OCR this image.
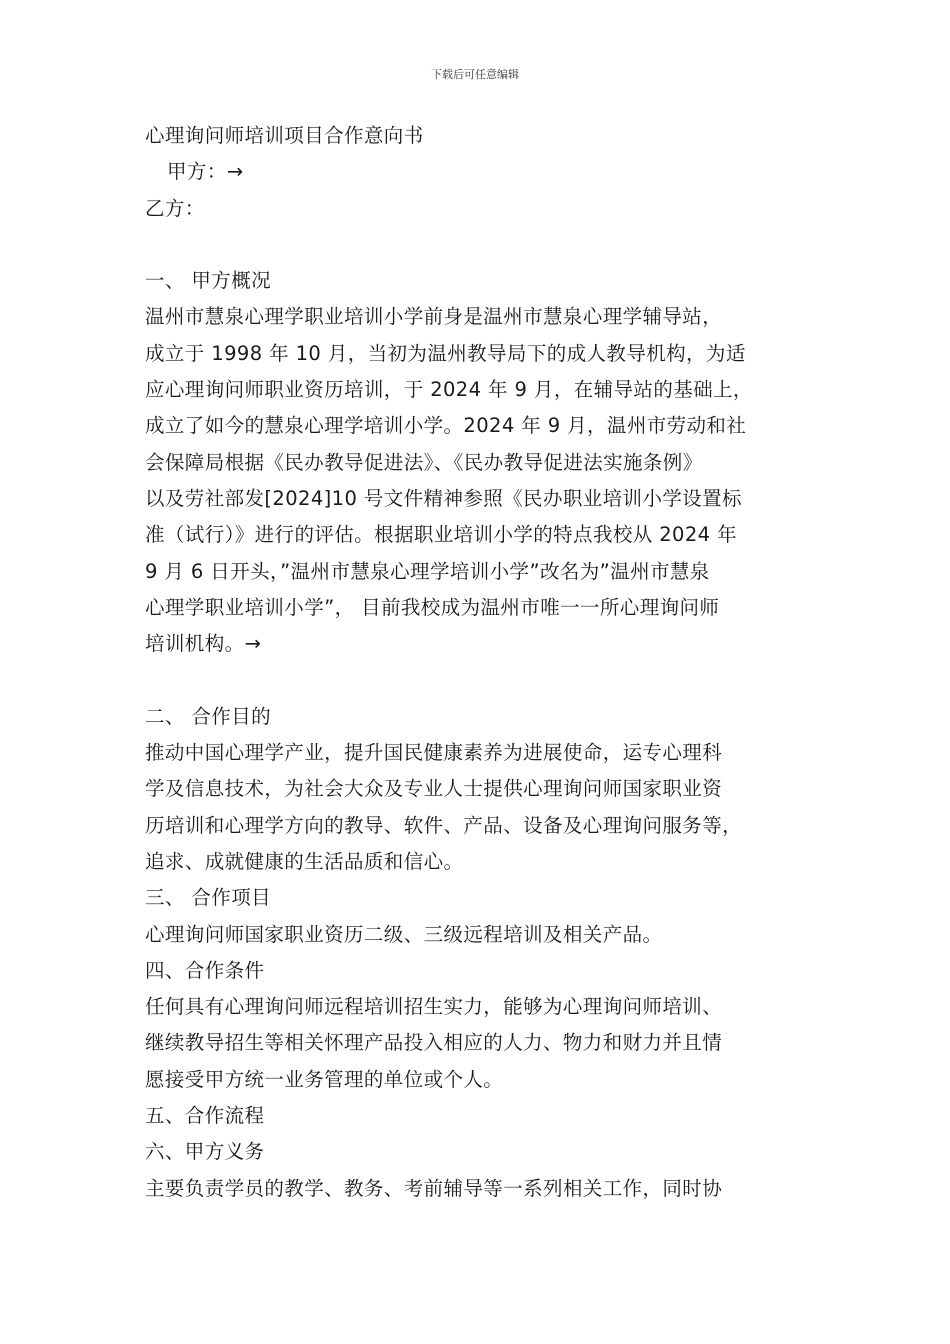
下载后可任意编辑
心理询问师培训项目合作意向书
甲方：→
乙方：
一、 甲方概况
温州市慧泉心理学职业培训小学前身是温州市慧泉心理学辅导站，
成立于 1998 年 10 月，当初为温州教导局下的成人教导机构，为适
应心理询问师职业资历培训，于 2024 年 9 月，在辅导站的基础上，
成立了如今的慧泉心理学培训小学。2024 年 9 月，温州市劳动和社
会保障局根据《民办教导促进法》、《民办教导促进法实施条例》
以及劳社部发[2024]10 号文件精神参照《民办职业培训小学设置标
准（试行）》进行的评估。根据职业培训小学的特点我校从 2024 年
9 月 6 日开头，”温州市慧泉心理学培训小学”改名为”温州市慧泉
心理学职业培训小学”， 目前我校成为温州市唯一一所心理询问师
培训机构。→
二、 合作目的
推动中国心理学产业，提升国民健康素养为进展使命，运专心理科
学及信息技术，为社会大众及专业人士提供心理询问师国家职业资
历培训和心理学方向的教导、软件、产品、设备及心理询问服务等，
追求、成就健康的生活品质和信心。
三、 合作项目
心理询问师国家职业资历二级、三级远程培训及相关产品。
四、合作条件
任何具有心理询问师远程培训招生实力，能够为心理询问师培训、
继续教导招生等相关怀理产品投入相应的人力、物力和财力并且情
愿接受甲方统一业务管理的单位或个人。
五、合作流程
六、甲方义务
主要负责学员的教学、教务、考前辅导等一系列相关工作，同时协
